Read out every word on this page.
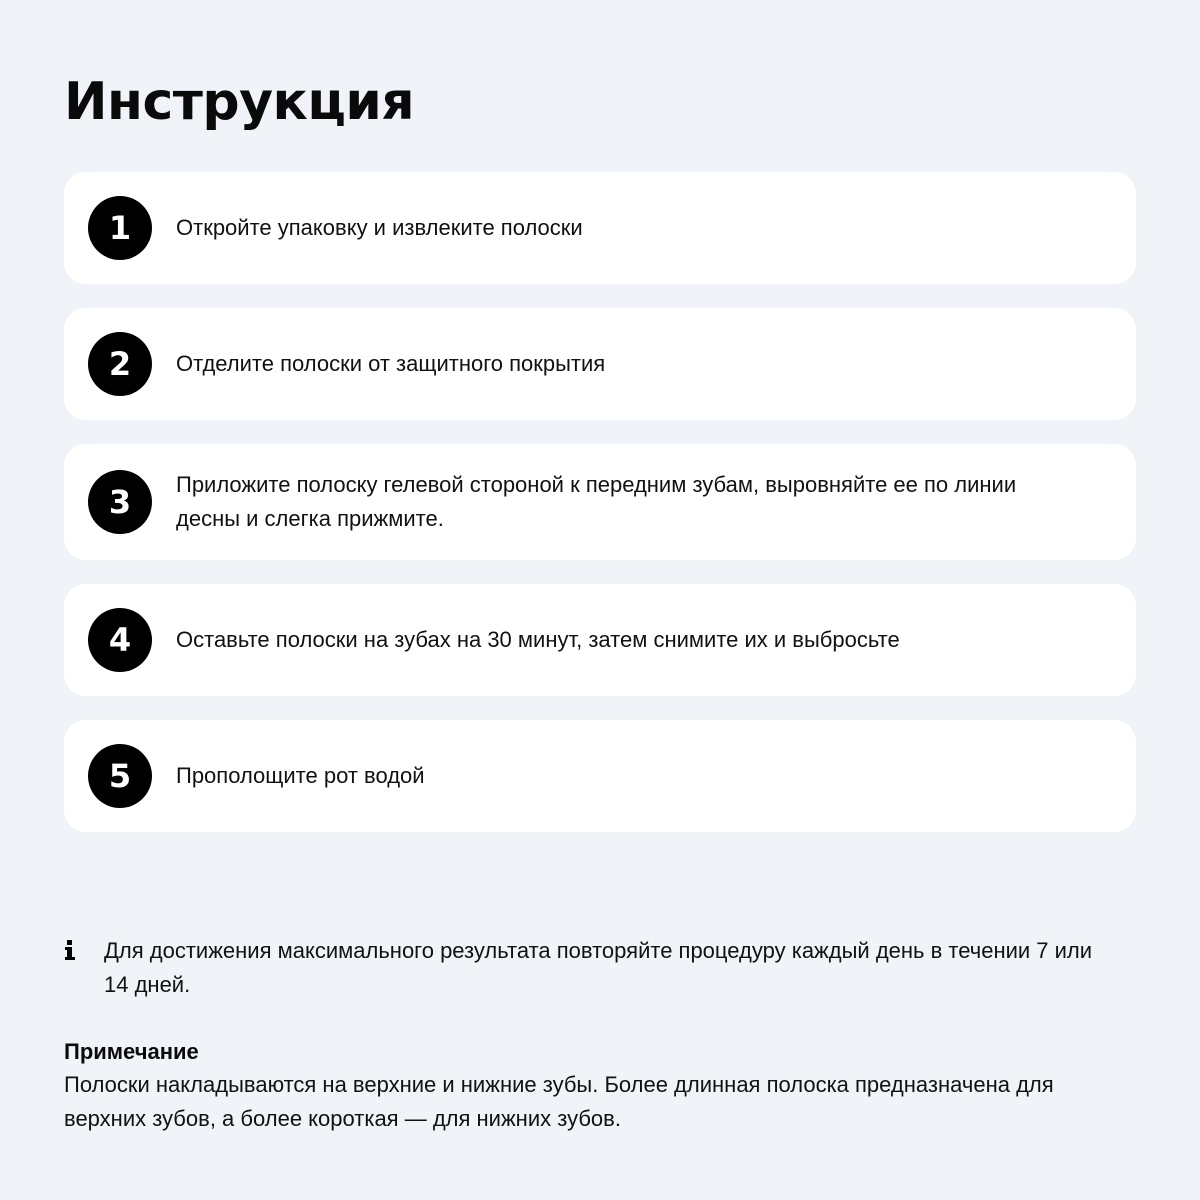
Инструкция
1	Откройте упаковку и извлеките полоски
2	Отделите полоски от защитного покрытия
3	Приложите полоску гелевой стороной к передним зубам, выровняйте ее по линии десны и слегка прижмите.
4	Оставьте полоски на зубах на 30 минут, затем снимите их и выбросьте
5	Прополощите рот водой
Для достижения максимального результата повторяйте процедуру каждый день в течении 7 или 14 дней.
Примечание
Полоски накладываются на верхние и нижние зубы. Более длинная полоска предназначена для верхних зубов, а более короткая — для нижних зубов.
